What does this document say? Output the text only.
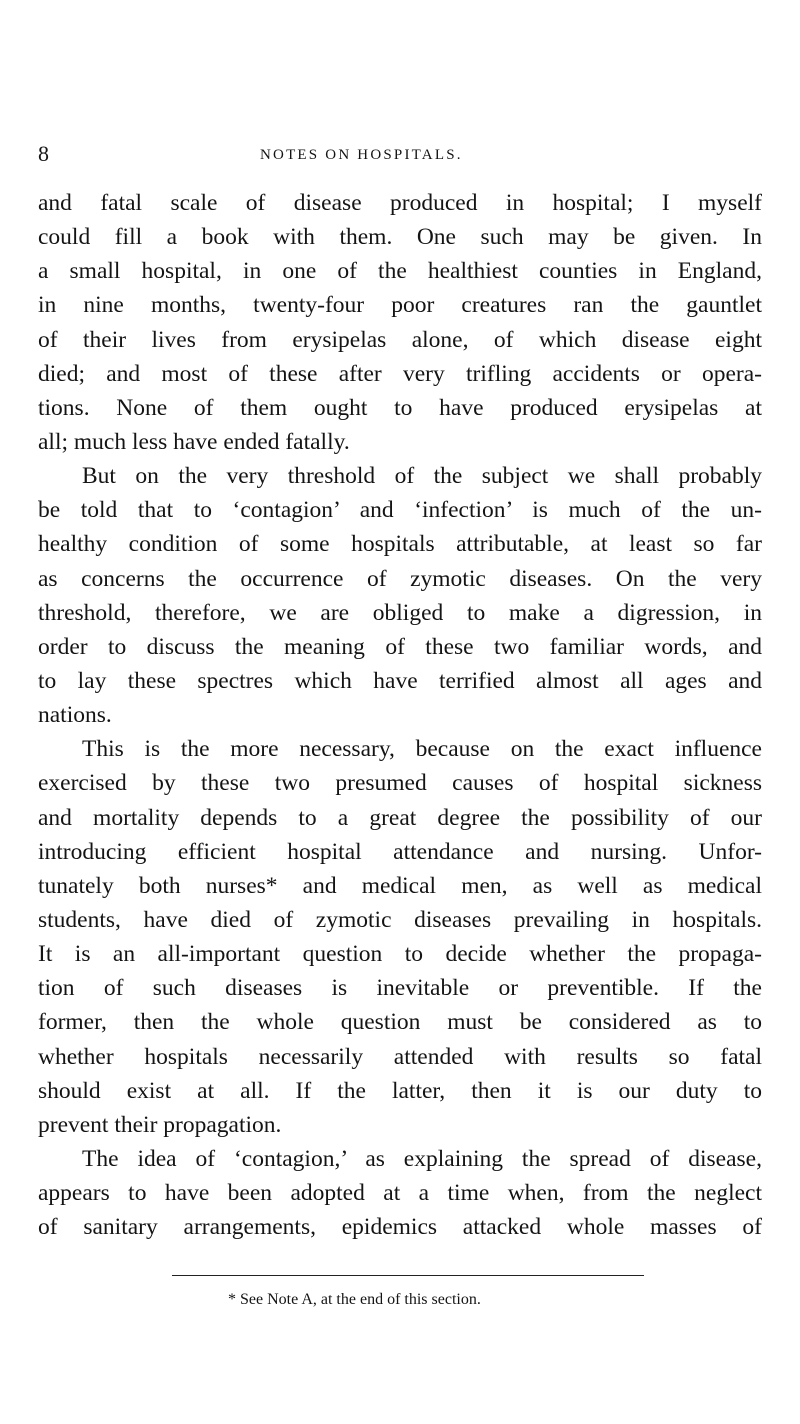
8	NOTES ON HOSPITALS.
and fatal scale of disease produced in hospital; I myself
could fill a book with them. One such may be given. In
a small hospital, in one of the healthiest counties in England,
in nine months, twenty-four poor creatures ran the gauntlet
of their lives from erysipelas alone, of which disease eight
died; and most of these after very trifling accidents or opera-
tions. None of them ought to have produced erysipelas at
all; much less have ended fatally.
But on the very threshold of the subject we shall probably
be told that to ‘contagion’ and ‘infection’ is much of the un-
healthy condition of some hospitals attributable, at least so far
as concerns the occurrence of zymotic diseases. On the very
threshold, therefore, we are obliged to make a digression, in
order to discuss the meaning of these two familiar words, and
to lay these spectres which have terrified almost all ages and
nations.
This is the more necessary, because on the exact influence
exercised by these two presumed causes of hospital sickness
and mortality depends to a great degree the possibility of our
introducing efficient hospital attendance and nursing. Unfor-
tunately both nurses* and medical men, as well as medical
students, have died of zymotic diseases prevailing in hospitals.
It is an all-important question to decide whether the propaga-
tion of such diseases is inevitable or preventible. If the
former, then the whole question must be considered as to
whether hospitals necessarily attended with results so fatal
should exist at all. If the latter, then it is our duty to
prevent their propagation.
The idea of ‘contagion,’ as explaining the spread of disease,
appears to have been adopted at a time when, from the neglect
of sanitary arrangements, epidemics attacked whole masses of
* See Note A, at the end of this section.
